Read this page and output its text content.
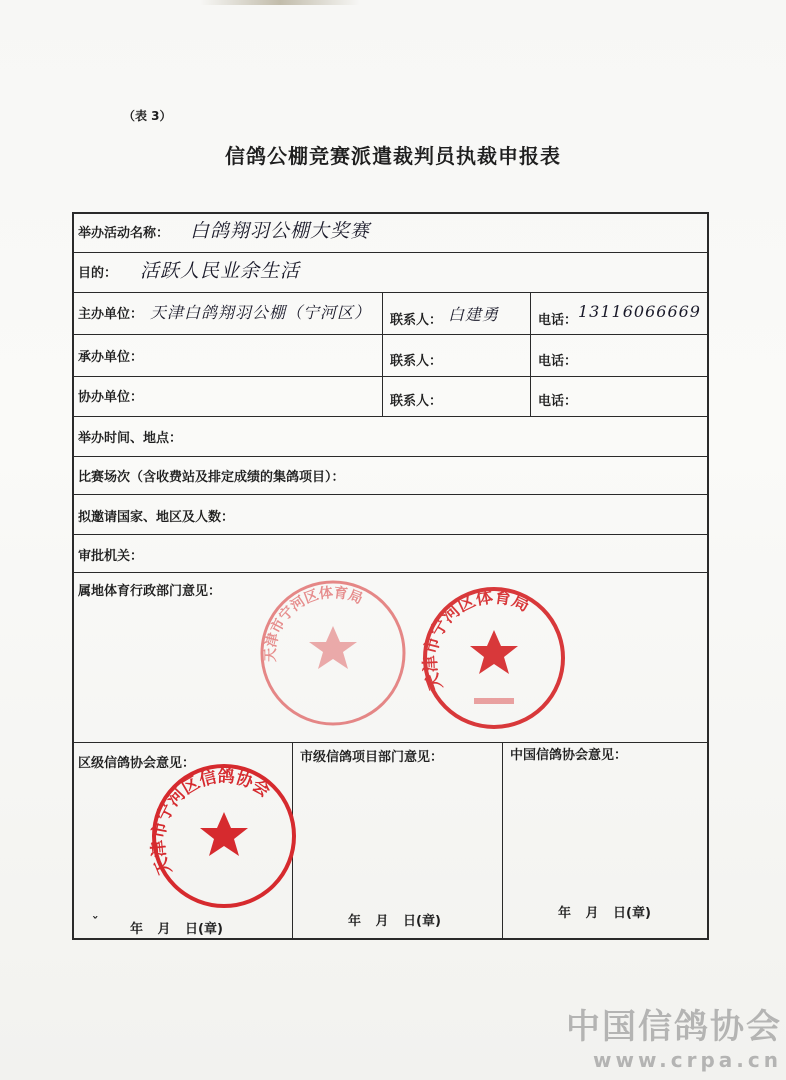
（表 3）
信鸽公棚竞赛派遣裁判员执裁申报表
举办活动名称： 白鸽翔羽公棚大奖赛
目的： 活跃人民业余生活
主办单位： 天津白鸽翔羽公棚（宁河区） 联系人： 白建勇	电话： 13116066669
承办单位：	联系人：	电话：
协办单位：	联系人：	电话：
举办时间、地点：
比赛场次（含收费站及排定成绩的集鸽项目）：
拟邀请国家、地区及人数：
审批机关：
属地体育行政部门意见：
区级信鸽协会意见：	市级信鸽项目部门意见：	中国信鸽协会意见：
ˇ 年 月 日(章)
年 月 日(章)
年 月 日(章)
天津市宁河区体育局
天津市宁河区体育局
天津市宁河区信鸽协会
中国信鸽协会
www.crpa.cn
